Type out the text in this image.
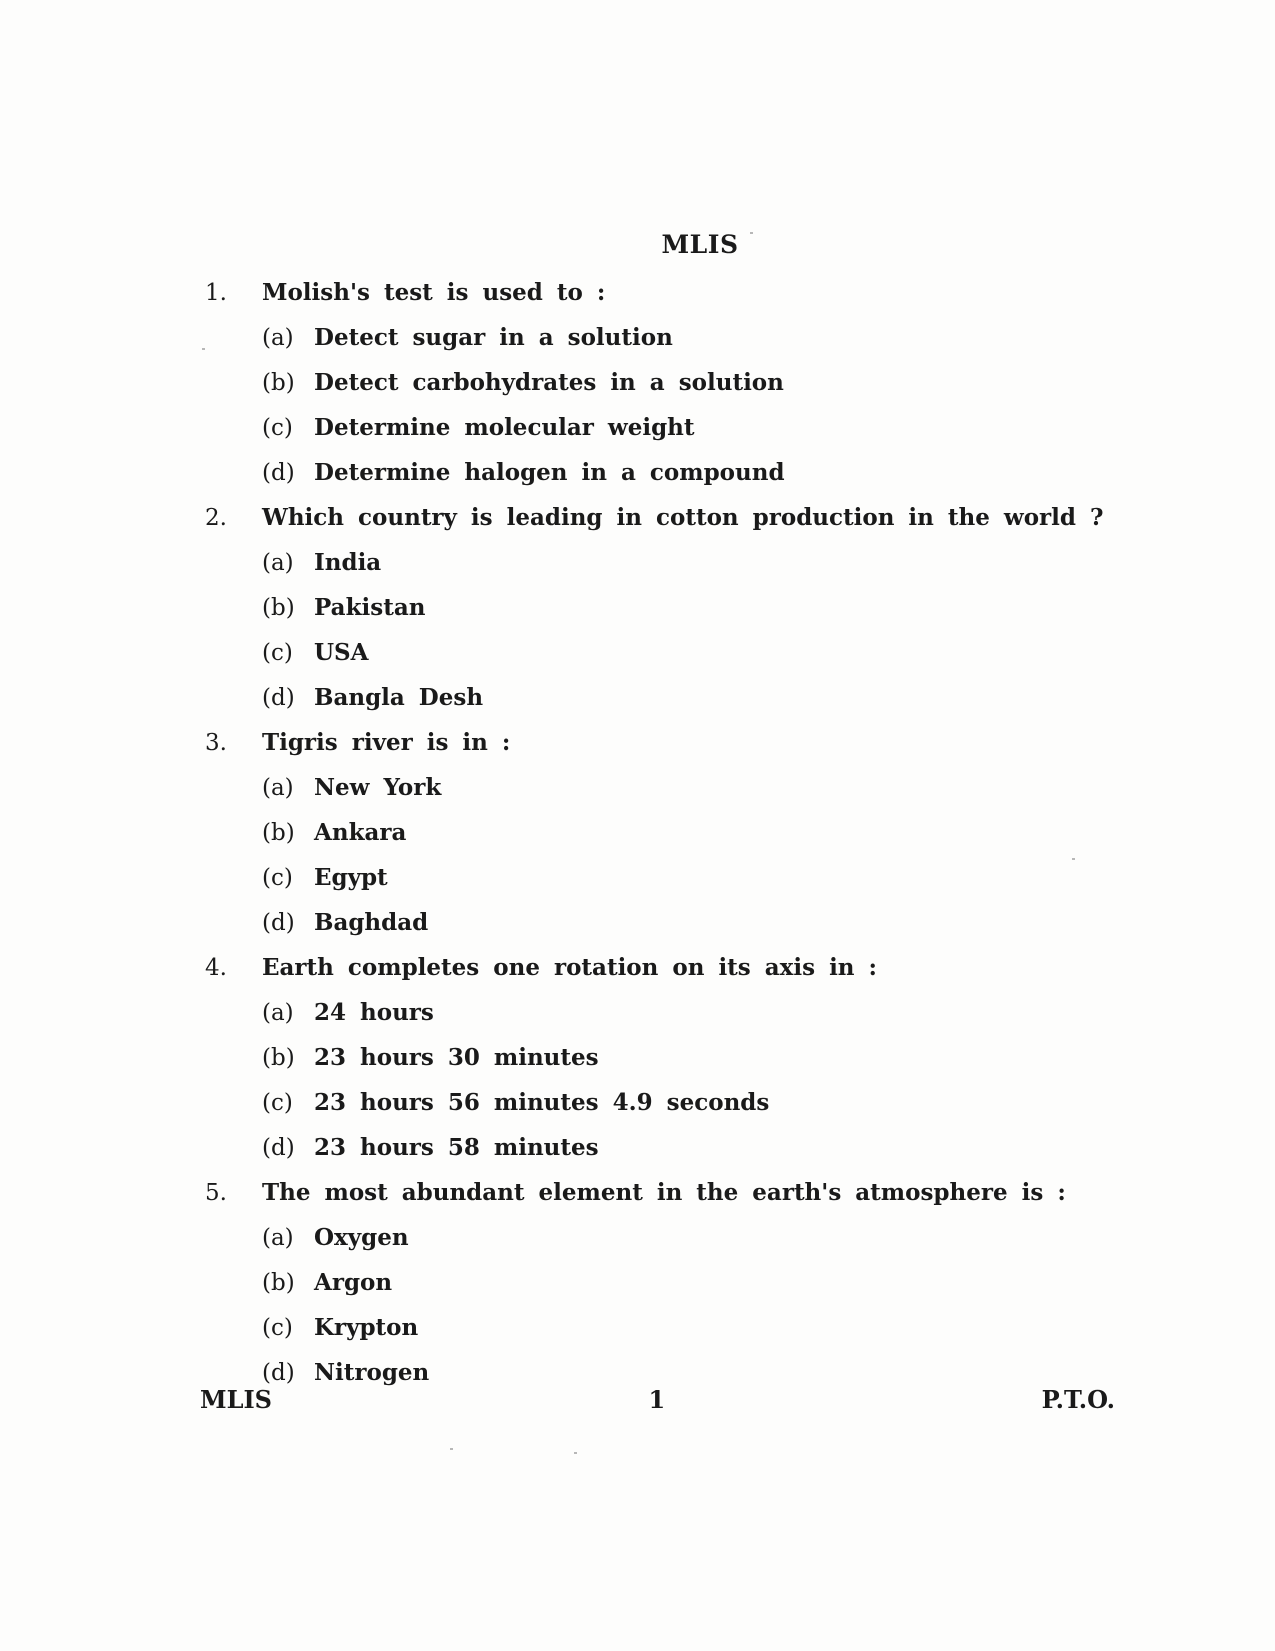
MLIS
1.	Molish's test is used to :
(a) Detect sugar in a solution
(b) Detect carbohydrates in a solution
(c) Determine molecular weight
(d) Determine halogen in a compound
2.	Which country is leading in cotton production in the world ?
(a) India
(b) Pakistan
(c) USA
(d) Bangla Desh
3.	Tigris river is in :
(a) New York
(b) Ankara
(c) Egypt
(d) Baghdad
4.	Earth completes one rotation on its axis in :
(a) 24 hours
(b) 23 hours 30 minutes
(c) 23 hours 56 minutes 4.9 seconds
(d) 23 hours 58 minutes
5.	The most abundant element in the earth's atmosphere is :
(a) Oxygen
(b) Argon
(c) Krypton
(d) Nitrogen
MLIS	1	P.T.O.
